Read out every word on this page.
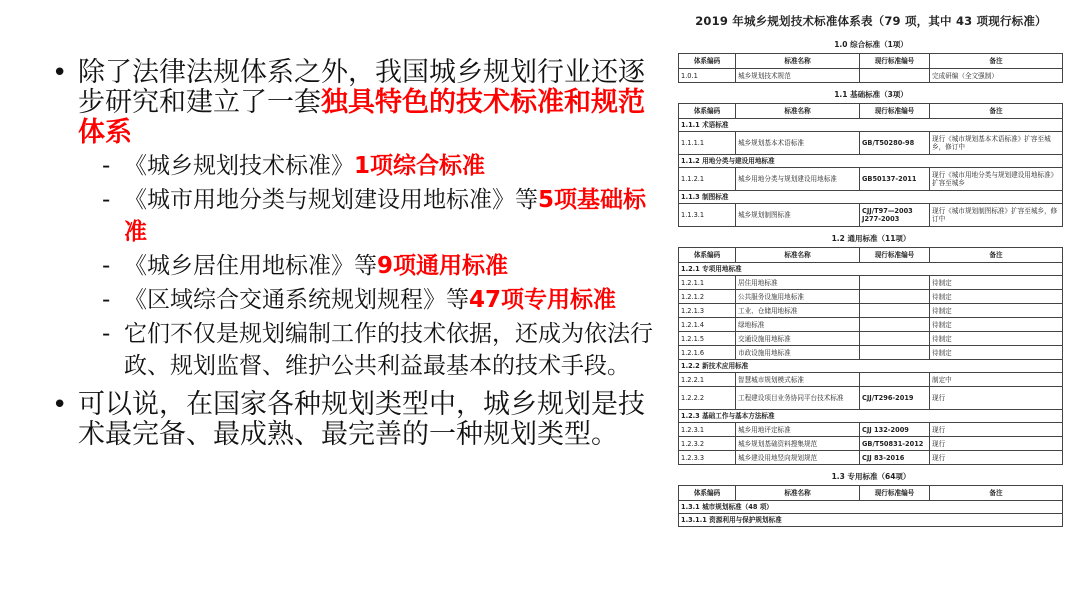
• 除了法律法规体系之外，我国城乡规划行业还逐步研究和建立了一套独具特色的技术标准和规范体系
- 《城乡规划技术标准》1项综合标准
- 《城市用地分类与规划建设用地标准》等5项基础标准
- 《城乡居住用地标准》等9项通用标准
- 《区域综合交通系统规划规程》等47项专用标准
- 它们不仅是规划编制工作的技术依据，还成为依法行政、规划监督、维护公共利益最基本的技术手段。
• 可以说，在国家各种规划类型中，城乡规划是技术最完备、最成熟、最完善的一种规划类型。
2019 年城乡规划技术标准体系表（79 项，其中 43 项现行标准）
1.0 综合标准（1项）
体系编码	标准名称	现行标准编号	备注
1.0.1	城乡规划技术规范		完成研编（全文强制）
1.1 基础标准（3项）
体系编码	标准名称	现行标准编号	备注
1.1.1 术语标准			
1.1.1.1	城乡规划基本术语标准	GB/T50280-98	现行《城市规划基本术语标准》扩容至城乡，修订中
1.1.2 用地分类与建设用地标准			
1.1.2.1	城乡用地分类与规划建设用地标准	GB50137-2011	现行《城市用地分类与规划建设用地标准》扩容至城乡
1.1.3 制图标准			
1.1.3.1	城乡规划制图标准	CJJ/T97—2003 J277-2003	现行《城市规划制图标准》扩容至城乡，修订中
1.2 通用标准（11项）
体系编码	标准名称	现行标准编号	备注
1.2.1 专项用地标准			
1.2.1.1	居住用地标准		待制定
1.2.1.2	公共服务设施用地标准		待制定
1.2.1.3	工业、仓储用地标准		待制定
1.2.1.4	绿地标准		待制定
1.2.1.5	交通设施用地标准		待制定
1.2.1.6	市政设施用地标准		待制定
1.2.2 新技术应用标准			
1.2.2.1	智慧城市规划模式标准		制定中
1.2.2.2	工程建设项目业务协同平台技术标准	CJJ/T296-2019	现行
1.2.3 基础工作与基本方法标准			
1.2.3.1	城乡用地评定标准	CJJ 132-2009	现行
1.2.3.2	城乡规划基础资料搜集规范	GB/T50831-2012	现行
1.2.3.3	城乡建设用地竖向规划规范	CJJ 83-2016	现行
1.3 专用标准（64项）
体系编码	标准名称	现行标准编号	备注
1.3.1 城市规划标准（48 项）
1.3.1.1 资源利用与保护规划标准
